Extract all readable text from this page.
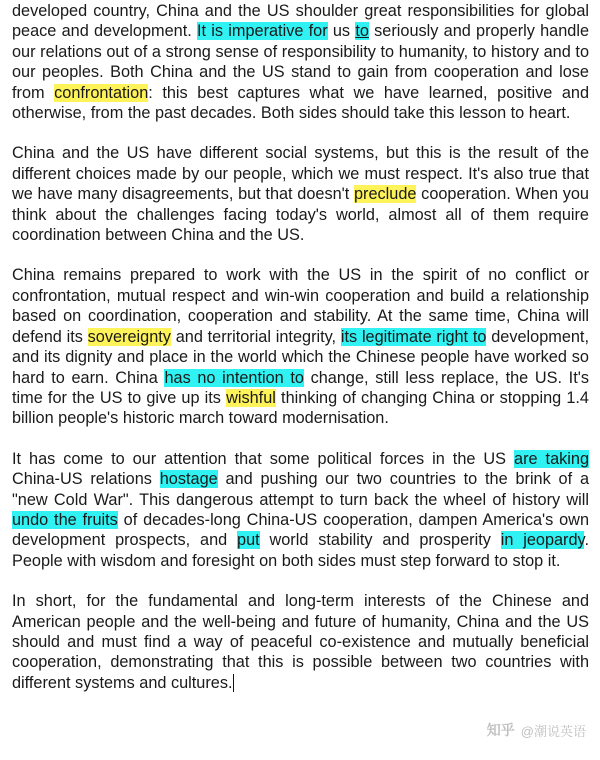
developed country, China and the US shoulder great responsibilities for global peace and development. It is imperative for us to seriously and properly handle our relations out of a strong sense of responsibility to humanity, to history and to our peoples. Both China and the US stand to gain from cooperation and lose from confrontation: this best captures what we have learned, positive and otherwise, from the past decades. Both sides should take this lesson to heart.

China and the US have different social systems, but this is the result of the different choices made by our people, which we must respect. It's also true that we have many disagreements, but that doesn't preclude cooperation. When you think about the challenges facing today's world, almost all of them require coordination between China and the US.

China remains prepared to work with the US in the spirit of no conflict or confrontation, mutual respect and win-win cooperation and build a relationship based on coordination, cooperation and stability. At the same time, China will defend its sovereignty and territorial integrity, its legitimate right to development, and its dignity and place in the world which the Chinese people have worked so hard to earn. China has no intention to change, still less replace, the US. It's time for the US to give up its wishful thinking of changing China or stopping 1.4 billion people's historic march toward modernisation.

It has come to our attention that some political forces in the US are taking China-US relations hostage and pushing our two countries to the brink of a "new Cold War". This dangerous attempt to turn back the wheel of history will undo the fruits of decades-long China-US cooperation, dampen America's own development prospects, and put world stability and prosperity in jeopardy. People with wisdom and foresight on both sides must step forward to stop it.

In short, for the fundamental and long-term interests of the Chinese and American people and the well-being and future of humanity, China and the US should and must find a way of peaceful co-existence and mutually beneficial cooperation, demonstrating that this is possible between two countries with different systems and cultures.

知乎 @潮说英语
